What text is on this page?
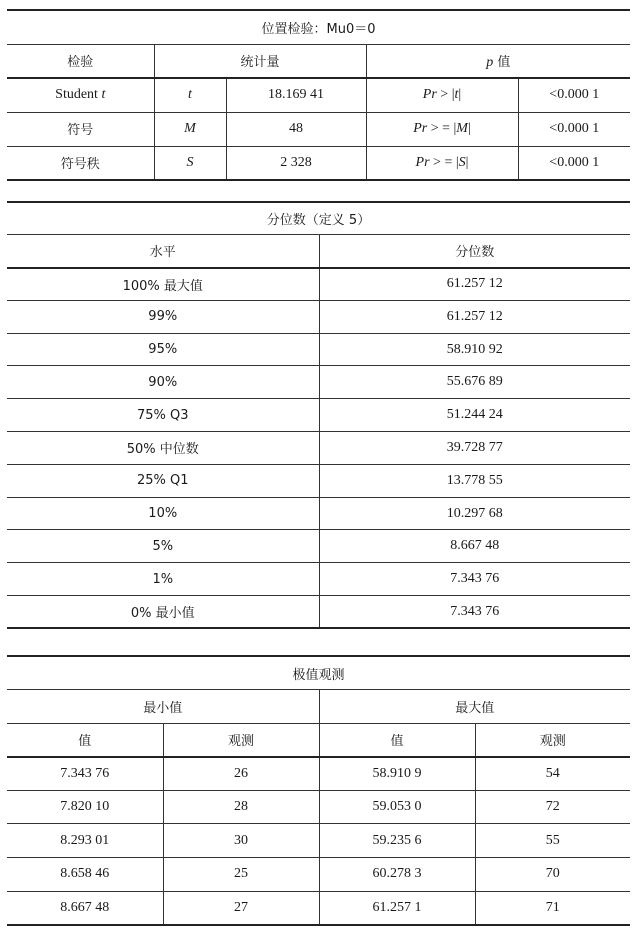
位置检验：Mu0＝0				
检验	统计量		p 值	
Student t	t	18.169 41	Pr > |t|	<0.000 1
符号	M	48	Pr > = |M|	<0.000 1
符号秩	S	2 328	Pr > = |S|	<0.000 1
分位数（定义 5）	
水平	分位数
100% 最大值	61.257 12
99%	61.257 12
95%	58.910 92
90%	55.676 89
75% Q3	51.244 24
50% 中位数	39.728 77
25% Q1	13.778 55
10%	10.297 68
5%	8.667 48
1%	7.343 76
0% 最小值	7.343 76
极值观测			
最小值		最大值	
值	观测	值	观测
7.343 76	26	58.910 9	54
7.820 10	28	59.053 0	72
8.293 01	30	59.235 6	55
8.658 46	25	60.278 3	70
8.667 48	27	61.257 1	71
